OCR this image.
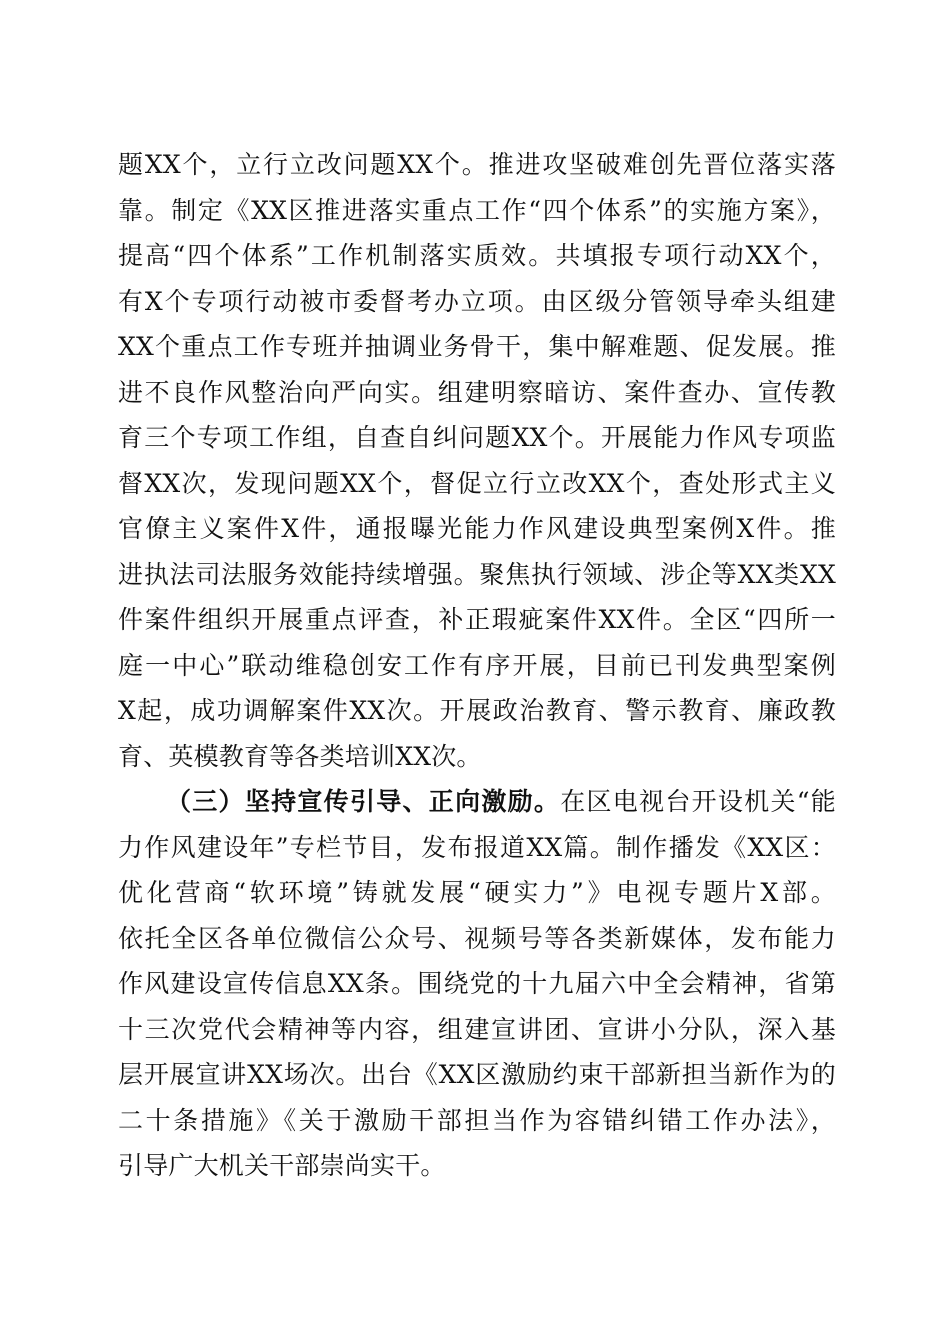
题XX个，立行立改问题XX个。推进攻坚破难创先晋位落实落
靠。制定《XX区推进落实重点工作“四个体系”的实施方案》，
提高“四个体系”工作机制落实质效。共填报专项行动XX个，
有X个专项行动被市委督考办立项。由区级分管领导牵头组建
XX个重点工作专班并抽调业务骨干，集中解难题、促发展。推
进不良作风整治向严向实。组建明察暗访、案件查办、宣传教
育三个专项工作组，自查自纠问题XX个。开展能力作风专项监
督XX次，发现问题XX个，督促立行立改XX个，查处形式主义
官僚主义案件X件，通报曝光能力作风建设典型案例X件。推
进执法司法服务效能持续增强。聚焦执行领域、涉企等XX类XX
件案件组织开展重点评查，补正瑕疵案件XX件。全区“四所一
庭一中心”联动维稳创安工作有序开展，目前已刊发典型案例
X起，成功调解案件XX次。开展政治教育、警示教育、廉政教
育、英模教育等各类培训XX次。
（三）坚持宣传引导、正向激励。在区电视台开设机关“能
力作风建设年”专栏节目，发布报道XX篇。制作播发《XX区：
优化营商“软环境”铸就发展“硬实力”》电视专题片X部。
依托全区各单位微信公众号、视频号等各类新媒体，发布能力
作风建设宣传信息XX条。围绕党的十九届六中全会精神，省第
十三次党代会精神等内容，组建宣讲团、宣讲小分队，深入基
层开展宣讲XX场次。出台《XX区激励约束干部新担当新作为的
二十条措施》《关于激励干部担当作为容错纠错工作办法》，
引导广大机关干部崇尚实干。
